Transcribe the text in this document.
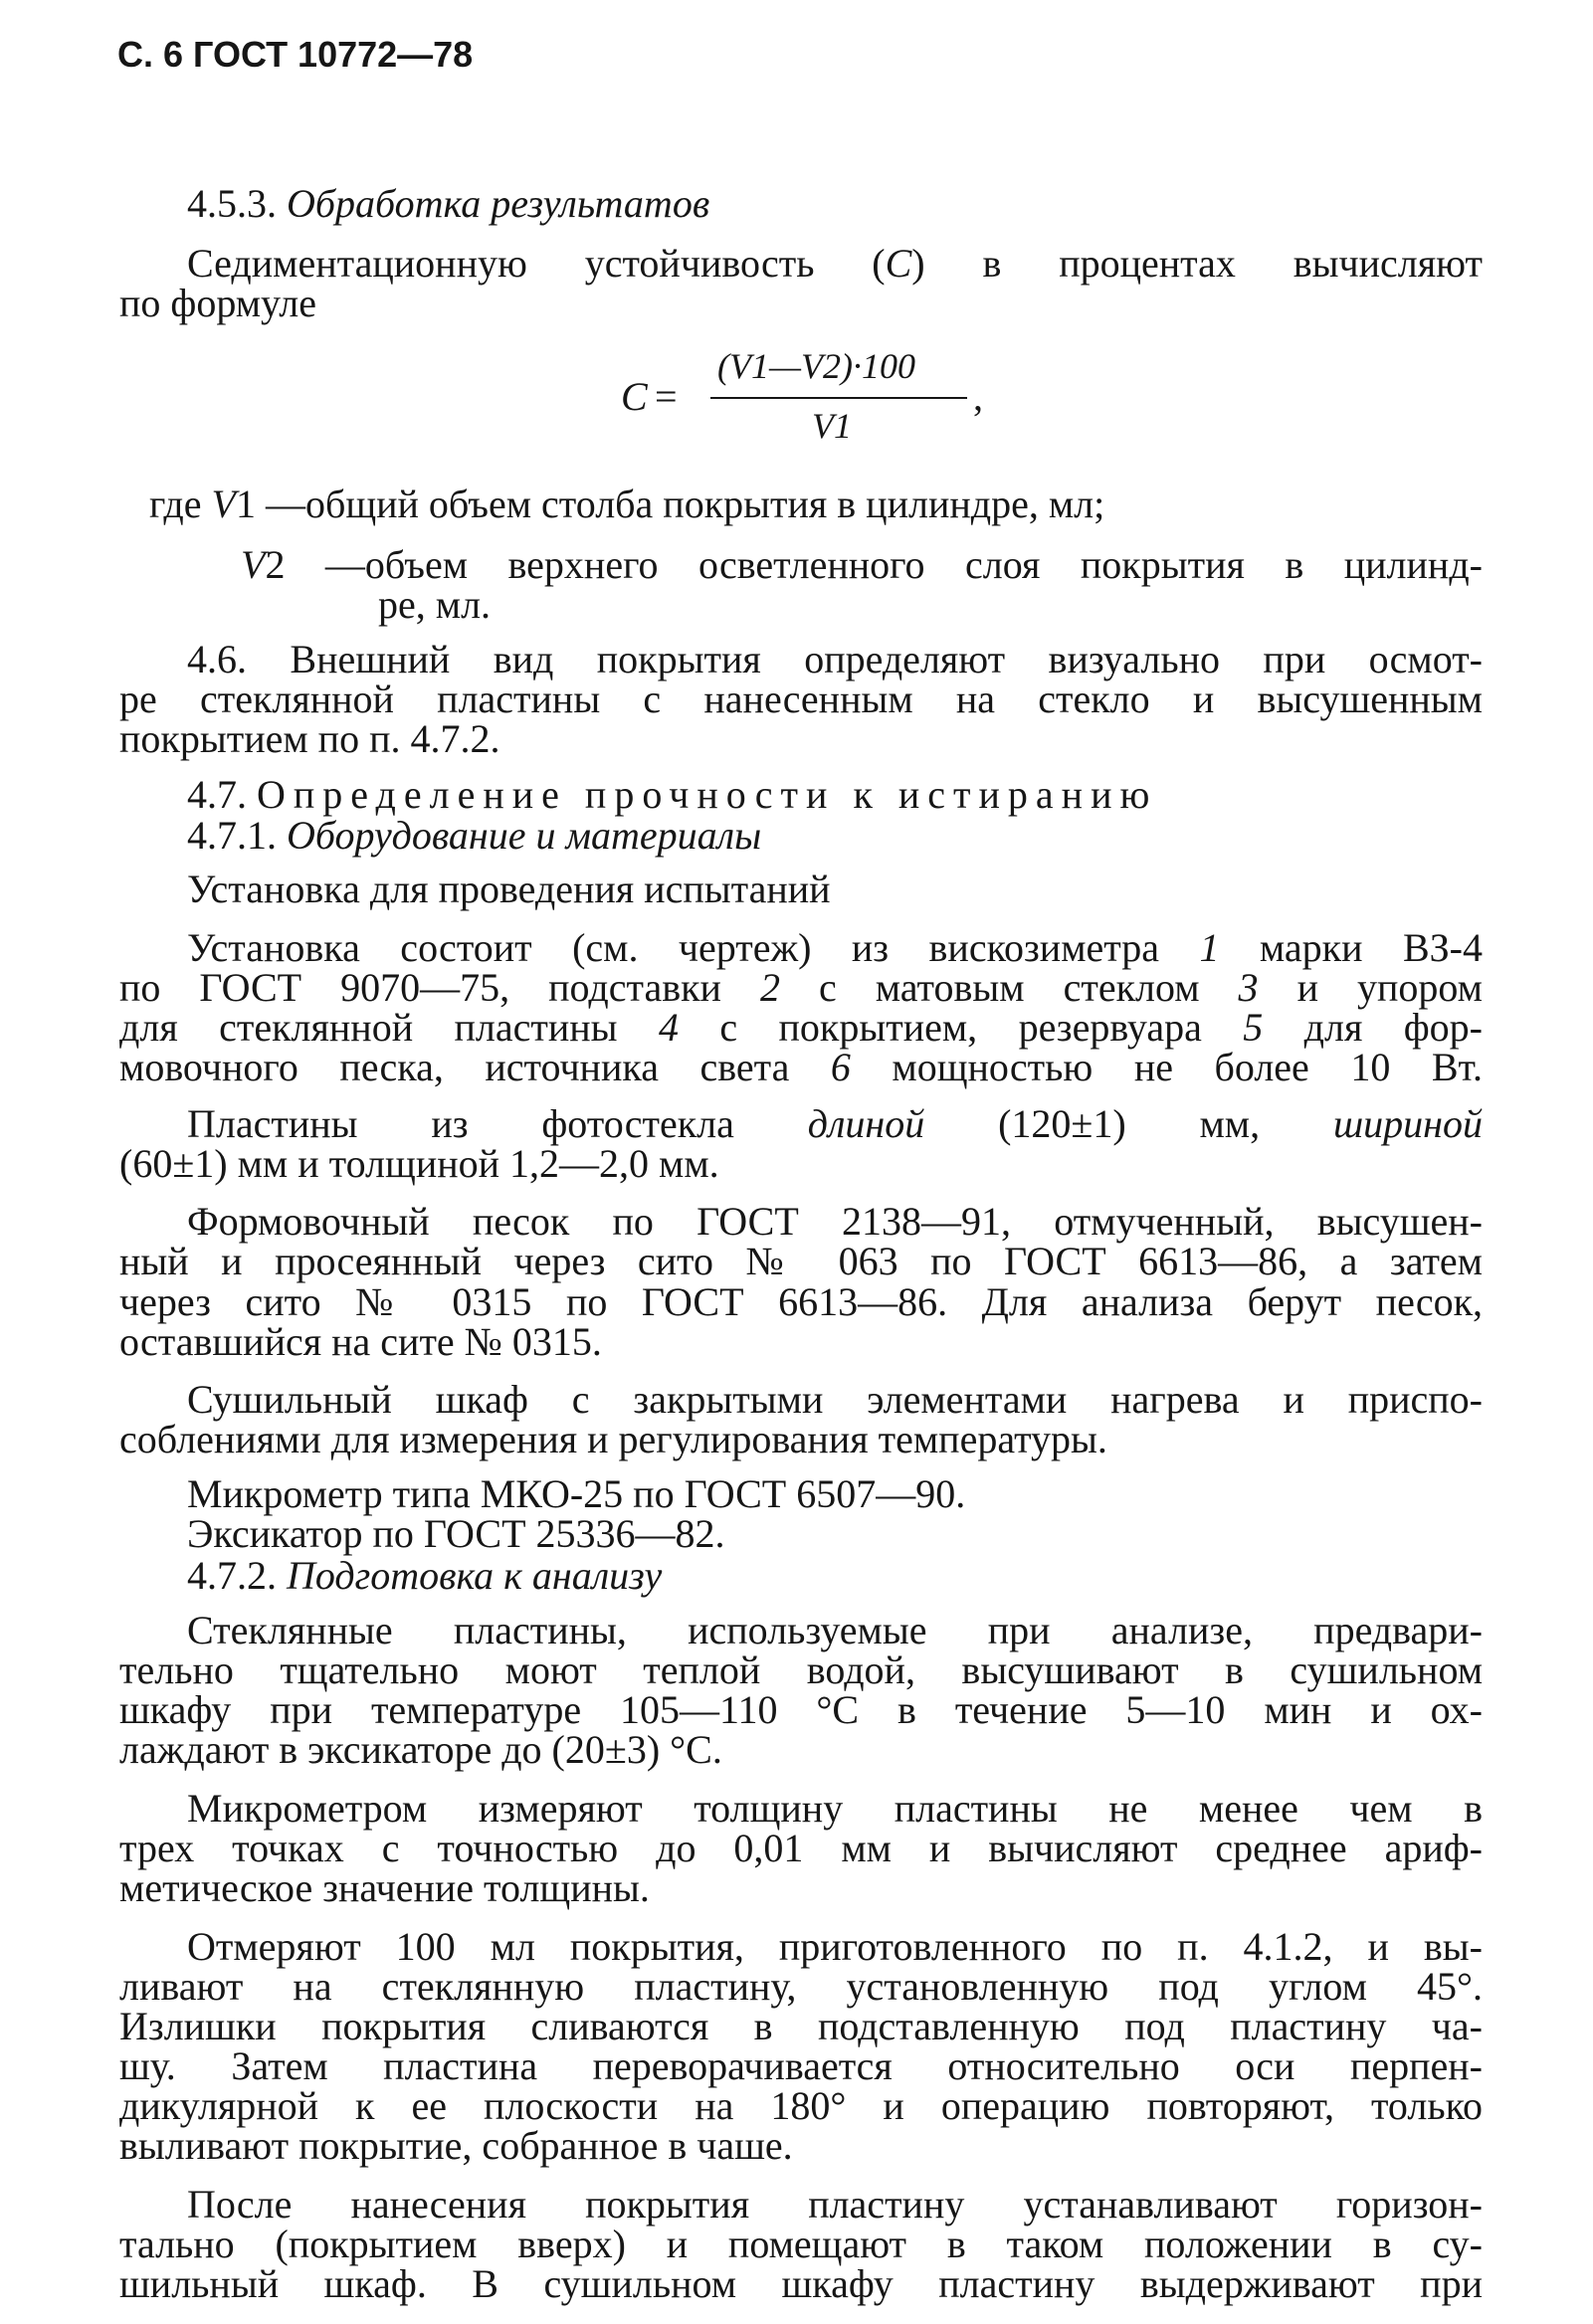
С. 6 ГОСТ 10772—78
C =
(V1—V2)·100
V1
,
4.5.3. Обработка результатов
Седиментационную устойчивость (С) в процентах вычисляют
по формуле
где V1 —общий объем столба покрытия в цилиндре, мл;
V2 —объем верхнего осветленного слоя покрытия в цилинд-
ре, мл.
4.6. Внешний вид покрытия определяют визуально при осмот-
ре стеклянной пластины с нанесенным на стекло и высушенным
покрытием по п. 4.7.2.
4.7. Определение прочности к истиранию
4.7.1. Оборудование и материалы
Установка для проведения испытаний
Установка состоит (см. чертеж) из вискозиметра 1 марки ВЗ-4
по ГОСТ 9070—75, подставки 2 с матовым стеклом 3 и упором
для стеклянной пластины 4 с покрытием, резервуара 5 для фор-
мовочного песка, источника света 6 мощностью не более 10 Вт.
Пластины из фотостекла длиной (120±1) мм, шириной
(60±1) мм и толщиной 1,2—2,0 мм.
Формовочный песок по ГОСТ 2138—91, отмученный, высушен-
ный и просеянный через сито № 063 по ГОСТ 6613—86, а затем
через сито № 0315 по ГОСТ 6613—86. Для анализа берут песок,
оставшийся на сите № 0315.
Сушильный шкаф с закрытыми элементами нагрева и приспо-
соблениями для измерения и регулирования температуры.
Микрометр типа МКО-25 по ГОСТ 6507—90.
Эксикатор по ГОСТ 25336—82.
4.7.2. Подготовка к анализу
Стеклянные пластины, используемые при анализе, предвари-
тельно тщательно моют теплой водой, высушивают в сушильном
шкафу при температуре 105—110 °С в течение 5—10 мин и ох-
лаждают в эксикаторе до (20±3) °С.
Микрометром измеряют толщину пластины не менее чем в
трех точках с точностью до 0,01 мм и вычисляют среднее ариф-
метическое значение толщины.
Отмеряют 100 мл покрытия, приготовленного по п. 4.1.2, и вы-
ливают на стеклянную пластину, установленную под углом 45°.
Излишки покрытия сливаются в подставленную под пластину ча-
шу. Затем пластина переворачивается относительно оси перпен-
дикулярной к ее плоскости на 180° и операцию повторяют, только
выливают покрытие, собранное в чаше.
После нанесения покрытия пластину устанавливают горизон-
тально (покрытием вверх) и помещают в таком положении в су-
шильный шкаф. В сушильном шкафу пластину выдерживают при
